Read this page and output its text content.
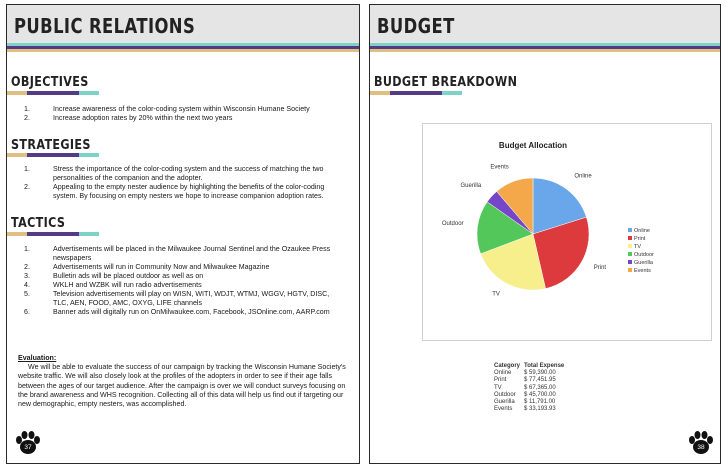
PUBLIC RELATIONS
OBJECTIVES
1.	Increase awareness of the color-coding system within Wisconsin Humane Society
2.	Increase adoption rates by 20% within the next two years
STRATEGIES
1.	Stress the importance of the color-coding system and the success of matching the two personalities of the companion and the adopter.
2.	Appealing to the empty nester audience by highlighting the benefits of the color-coding system. By focusing on empty nesters we hope to increase companion adoption rates.
TACTICS
1.	Advertisements will be placed in the Milwaukee Journal Sentinel and the Ozaukee Press newspapers
2.	Advertisements will run in Community Now and Milwaukee Magazine
3.	Bulletin ads will be placed outdoor as well as on
4.	WKLH and WZBK will run radio advertisements
5.	Television advertisements will play on WISN, WITI, WDJT, WTMJ, WGGV, HGTV, DISC, TLC, AEN, FOOD, AMC, OXYG, LIFE channels
6.	Banner ads will digitally run on OnMilwaukee.com, Facebook, JSOnline.com, AARP.com
Evaluation:
We will be able to evaluate the success of our campaign by tracking the Wisconsin Humane Society's website traffic. We will also closely look at the profiles of the adopters in order to see if their age falls between the ages of our target audience. After the campaign is over we will conduct surveys focusing on the brand awareness and WHS recognition. Collecting all of this data will help us find out if targeting our new demographic, empty nesters, was accomplished.
37
BUDGET
BUDGET BREAKDOWN
Budget Allocation
Online
Print
TV
Outdoor
Guerilla
Events
Online
Print
TV
Outdoor
Guerilla
Events
Category	Total Expense
Online	$ 59,390.00
Print	$ 77,451.95
TV	$ 67,365.00
Outdoor	$ 45,700.00
Guerilla	$ 11,791.00
Events	$ 33,193.93
38
